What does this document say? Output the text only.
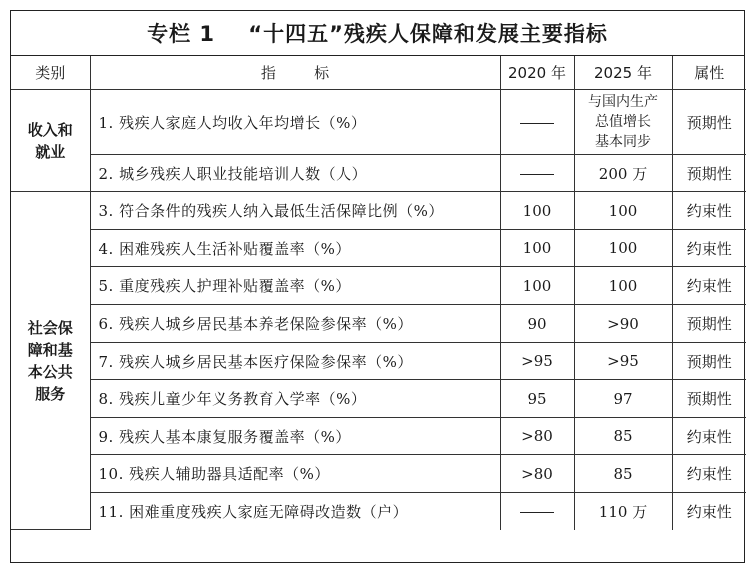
专栏 1    “十四五”残疾人保障和发展主要指标
类别	指        标	2020 年	2025 年	属性
收入和
就业	1. 残疾人家庭人均收入年均增长（%）		与国内生产
总值增长
基本同步	预期性
	2. 城乡残疾人职业技能培训人数（人）		200 万	预期性
社会保
障和基
本公共
服务	3. 符合条件的残疾人纳入最低生活保障比例（%）	100	100	约束性
	4. 困难残疾人生活补贴覆盖率（%）	100	100	约束性
	5. 重度残疾人护理补贴覆盖率（%）	100	100	约束性
	6. 残疾人城乡居民基本养老保险参保率（%）	90	>90	预期性
	7. 残疾人城乡居民基本医疗保险参保率（%）	>95	>95	预期性
	8. 残疾儿童少年义务教育入学率（%）	95	97	预期性
	9. 残疾人基本康复服务覆盖率（%）	>80	85	约束性
	10. 残疾人辅助器具适配率（%）	>80	85	约束性
	11. 困难重度残疾人家庭无障碍改造数（户）		110 万	约束性
